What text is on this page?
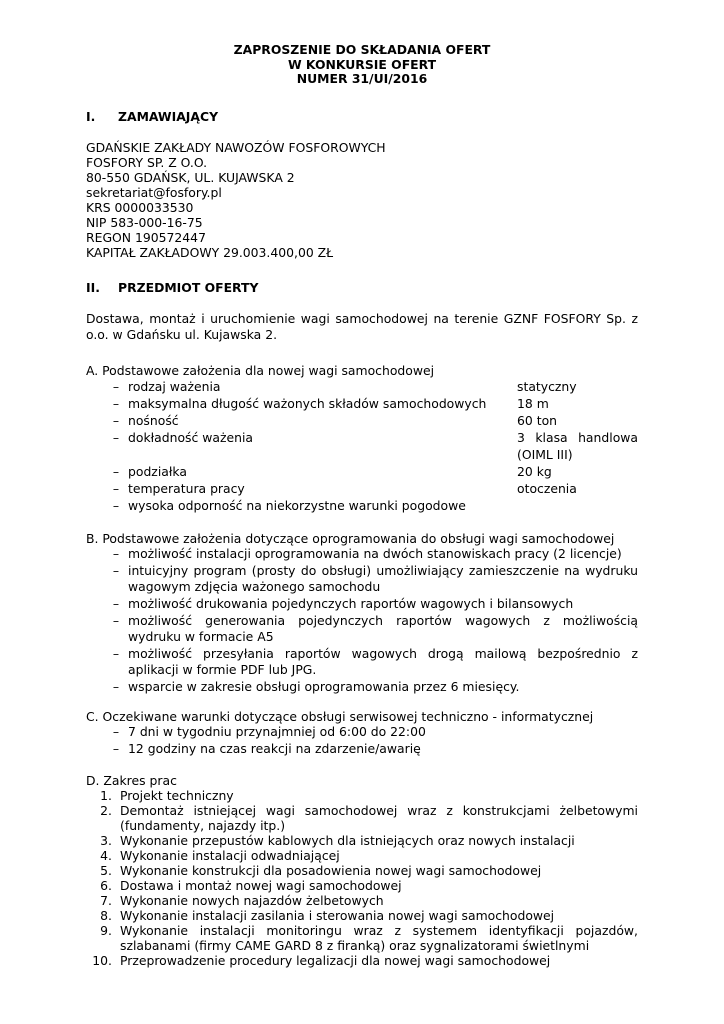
ZAPROSZENIE DO SKŁADANIA OFERT
W KONKURSIE OFERT
NUMER 31/UI/2016
I.	ZAMAWIAJĄCY
GDAŃSKIE ZAKŁADY NAWOZÓW FOSFOROWYCH
FOSFORY SP. Z O.O.
80-550 GDAŃSK, UL. KUJAWSKA 2
sekretariat@fosfory.pl
KRS 0000033530
NIP 583-000-16-75
REGON 190572447
KAPITAŁ ZAKŁADOWY 29.003.400,00 ZŁ
II.	PRZEDMIOT OFERTY
Dostawa, montaż i uruchomienie wagi samochodowej na terenie GZNF FOSFORY Sp. z o.o. w Gdańsku ul. Kujawska 2.
A. Podstawowe założenia dla nowej wagi samochodowej
– rodzaj ważenia	statyczny
– maksymalna długość ważonych składów samochodowych	18 m
– nośność	60 ton
– dokładność ważenia	3 klasa handlowa (OIML III)
– podziałka	20 kg
– temperatura pracy	otoczenia
– wysoka odporność na niekorzystne warunki pogodowe
B. Podstawowe założenia dotyczące oprogramowania do obsługi wagi samochodowej
– możliwość instalacji oprogramowania na dwóch stanowiskach pracy (2 licencje)
– intuicyjny program (prosty do obsługi) umożliwiający zamieszczenie na wydruku wagowym zdjęcia ważonego samochodu
– możliwość drukowania pojedynczych raportów wagowych i bilansowych
– możliwość generowania pojedynczych raportów wagowych z możliwością wydruku w formacie A5
– możliwość przesyłania raportów wagowych drogą mailową bezpośrednio z aplikacji w formie PDF lub JPG.
– wsparcie w zakresie obsługi oprogramowania przez 6 miesięcy.
C. Oczekiwane warunki dotyczące obsługi serwisowej techniczno - informatycznej
– 7 dni w tygodniu przynajmniej od 6:00 do 22:00
– 12 godziny na czas reakcji na zdarzenie/awarię
D. Zakres prac
1. Projekt techniczny
2. Demontaż istniejącej wagi samochodowej wraz z konstrukcjami żelbetowymi (fundamenty, najazdy itp.)
3. Wykonanie przepustów kablowych dla istniejących oraz nowych instalacji
4. Wykonanie instalacji odwadniającej
5. Wykonanie konstrukcji dla posadowienia nowej wagi samochodowej
6. Dostawa i montaż nowej wagi samochodowej
7. Wykonanie nowych najazdów żelbetowych
8. Wykonanie instalacji zasilania i sterowania nowej wagi samochodowej
9. Wykonanie instalacji monitoringu wraz z systemem identyfikacji pojazdów, szlabanami (firmy CAME GARD 8 z firanką) oraz sygnalizatorami świetlnymi
10. Przeprowadzenie procedury legalizacji dla nowej wagi samochodowej
